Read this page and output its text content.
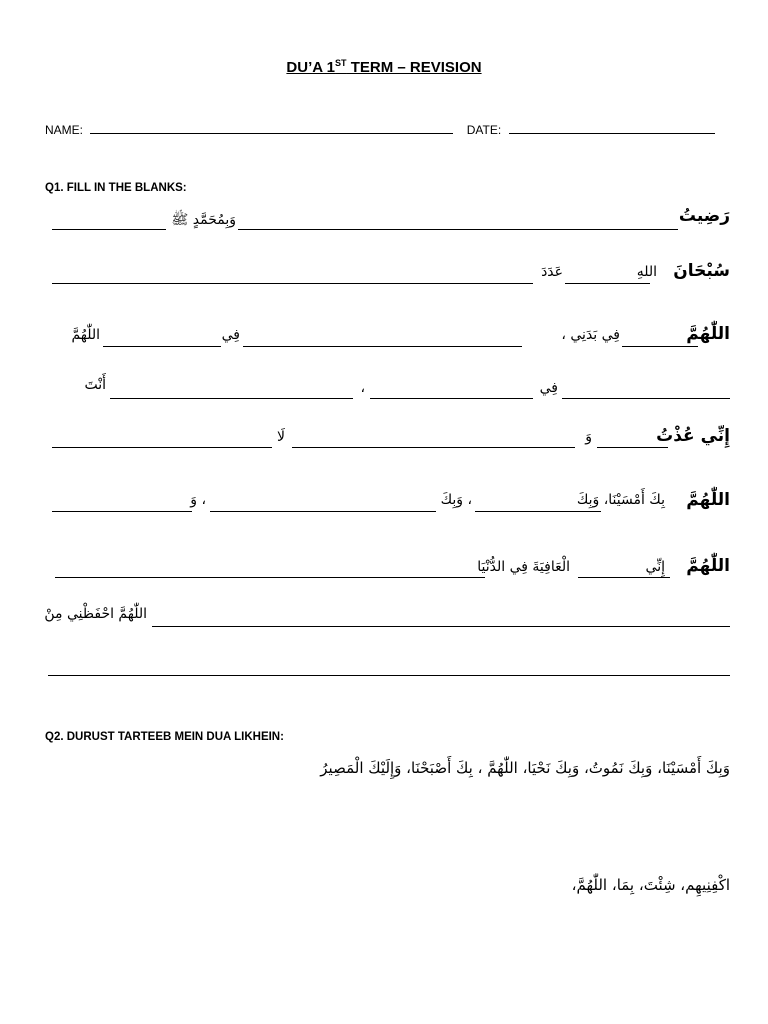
DU’A 1ST TERM – REVISION
NAME:	DATE:
Q1. FILL IN THE BLANKS:
رَضِيتُ
وَبِمُحَمَّدٍ ﷺ
سُبْحَانَ
اللهِ
عَدَدَ
اللّٰهُمَّ
فِي بَدَنِي ،
فِي
اللّٰهُمَّ
فِي
،
أَنْتَ
إِنِّي عُذْتُ
وَ
لَا
اللّٰهُمَّ
بِكَ أَمْسَيْنَا، وَبِكَ
، وَبِكَ
، وَ
اللّٰهُمَّ
إِنِّي
الْعَافِيَةَ فِي الدُّنْيَا
اللّٰهُمَّ احْفَظْنِي مِنْ
Q2. DURUST TARTEEB MEIN DUA LIKHEIN:
وَبِكَ أَمْسَيْنَا، وَبِكَ نَمُوتُ، وَبِكَ نَحْيَا، اللّٰهُمَّ ، بِكَ أَصْبَحْنَا، وَإِلَيْكَ الْمَصِيرُ
اكْفِنِيهِم، شِئْتَ، بِمَا، اللّٰهُمَّ،
